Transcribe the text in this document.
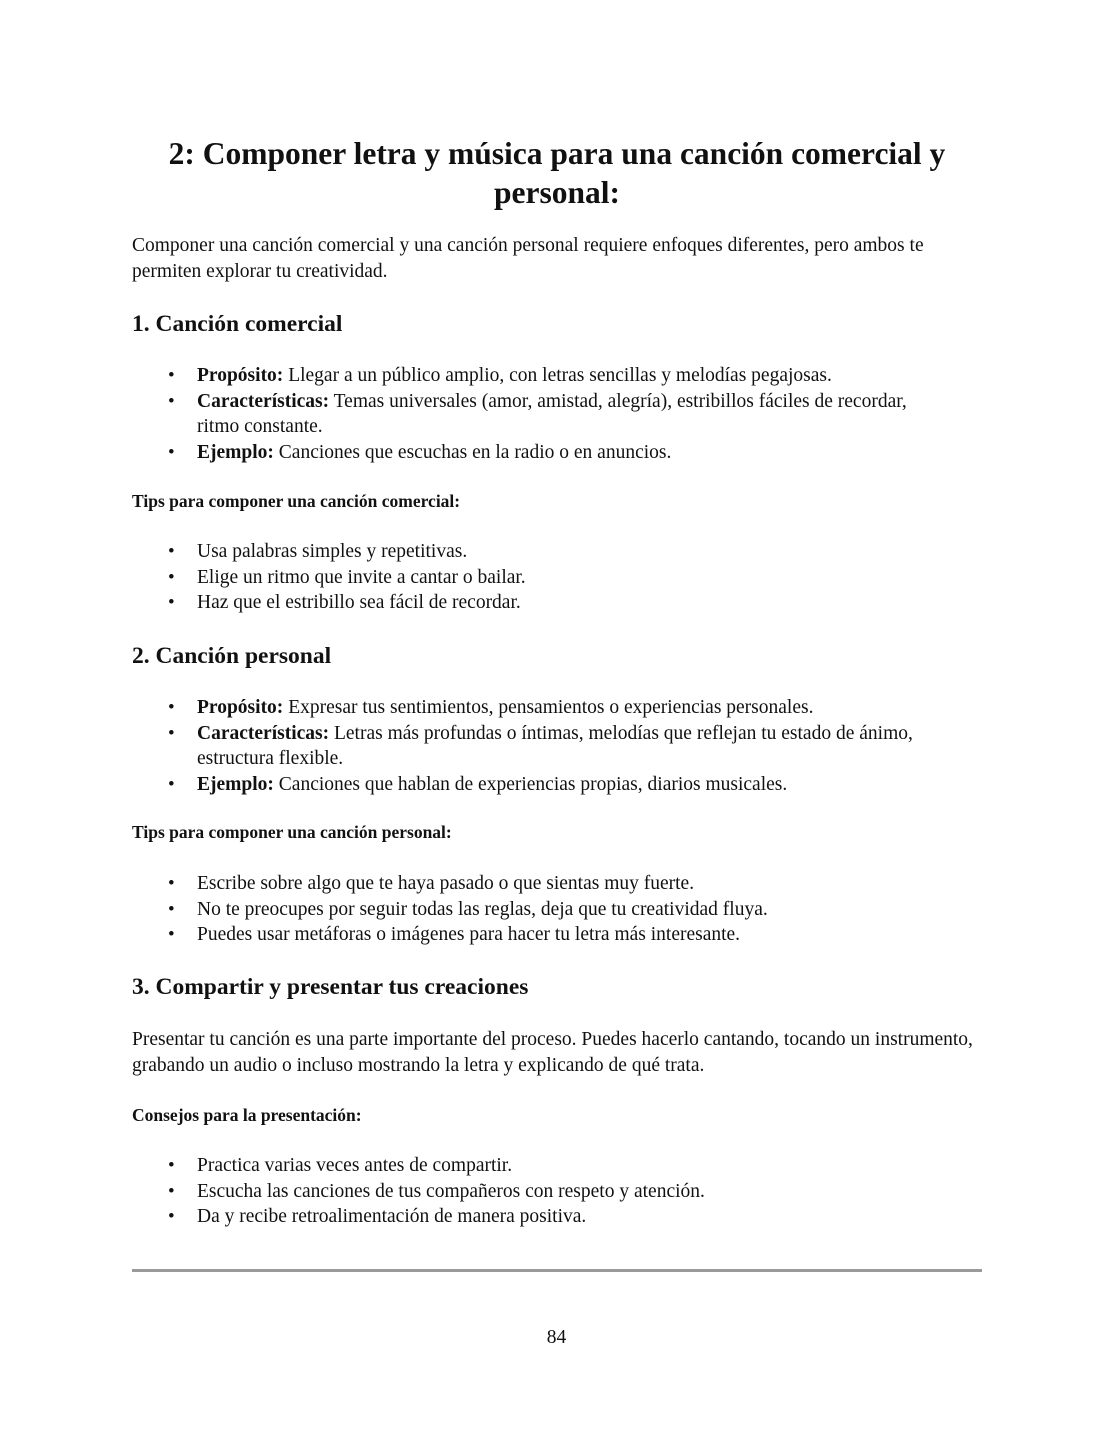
2: Componer letra y música para una canción comercial y personal:

Componer una canción comercial y una canción personal requiere enfoques diferentes, pero ambos te permiten explorar tu creatividad.

1. Canción comercial
• Propósito: Llegar a un público amplio, con letras sencillas y melodías pegajosas.
• Características: Temas universales (amor, amistad, alegría), estribillos fáciles de recordar, ritmo constante.
• Ejemplo: Canciones que escuchas en la radio o en anuncios.
Tips para componer una canción comercial:
• Usa palabras simples y repetitivas.
• Elige un ritmo que invite a cantar o bailar.
• Haz que el estribillo sea fácil de recordar.
2. Canción personal
• Propósito: Expresar tus sentimientos, pensamientos o experiencias personales.
• Características: Letras más profundas o íntimas, melodías que reflejan tu estado de ánimo, estructura flexible.
• Ejemplo: Canciones que hablan de experiencias propias, diarios musicales.
Tips para componer una canción personal:
• Escribe sobre algo que te haya pasado o que sientas muy fuerte.
• No te preocupes por seguir todas las reglas, deja que tu creatividad fluya.
• Puedes usar metáforas o imágenes para hacer tu letra más interesante.
3. Compartir y presentar tus creaciones

Presentar tu canción es una parte importante del proceso. Puedes hacerlo cantando, tocando un instrumento, grabando un audio o incluso mostrando la letra y explicando de qué trata.

Consejos para la presentación:
• Practica varias veces antes de compartir.
• Escucha las canciones de tus compañeros con respeto y atención.
• Da y recibe retroalimentación de manera positiva.
84
